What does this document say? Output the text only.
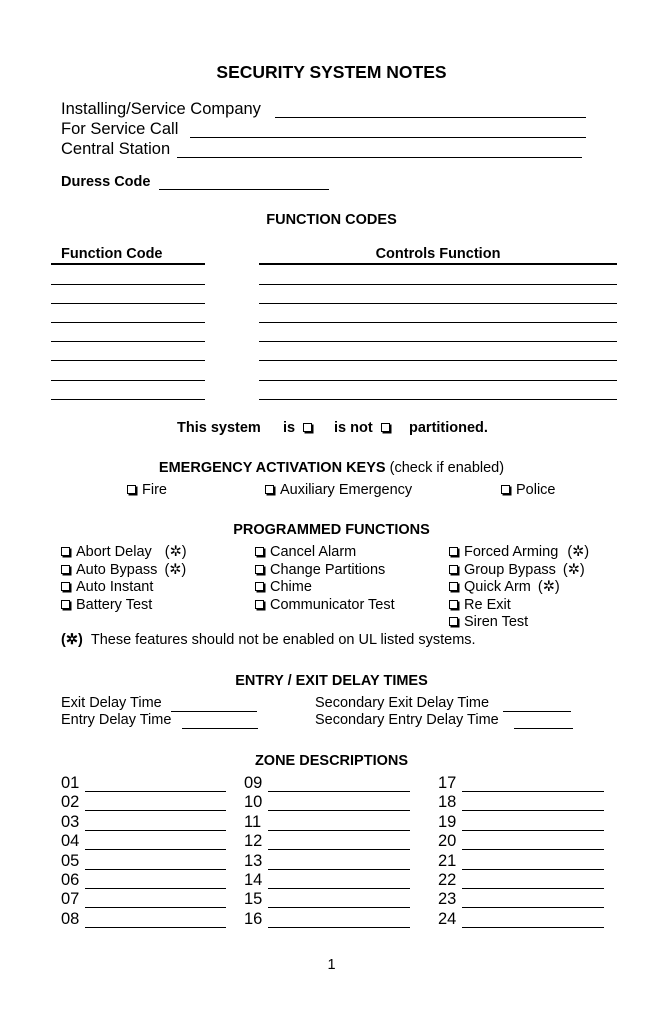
SECURITY SYSTEM NOTES
Installing/Service Company
For Service Call
Central Station
Duress Code
FUNCTION CODES
Function Code	Controls Function
This system is	is not	partitioned.
EMERGENCY ACTIVATION KEYS (check if enabled)
Fire	Auxiliary Emergency	Police
PROGRAMMED FUNCTIONS
Abort Delay (✲)
Auto Bypass (✲)
Auto Instant
Battery Test
Cancel Alarm
Change Partitions
Chime
Communicator Test
Forced Arming (✲)
Group Bypass (✲)
Quick Arm (✲)
Re Exit
Siren Test
(✲) These features should not be enabled on UL listed systems.
ENTRY / EXIT DELAY TIMES
Exit Delay Time
Entry Delay Time
Secondary Exit Delay Time
Secondary Entry Delay Time
ZONE DESCRIPTIONS
01
02
03
04
05
06
07
08
09
10
11
12
13
14
15
16
17
18
19
20
21
22
23
24
1
